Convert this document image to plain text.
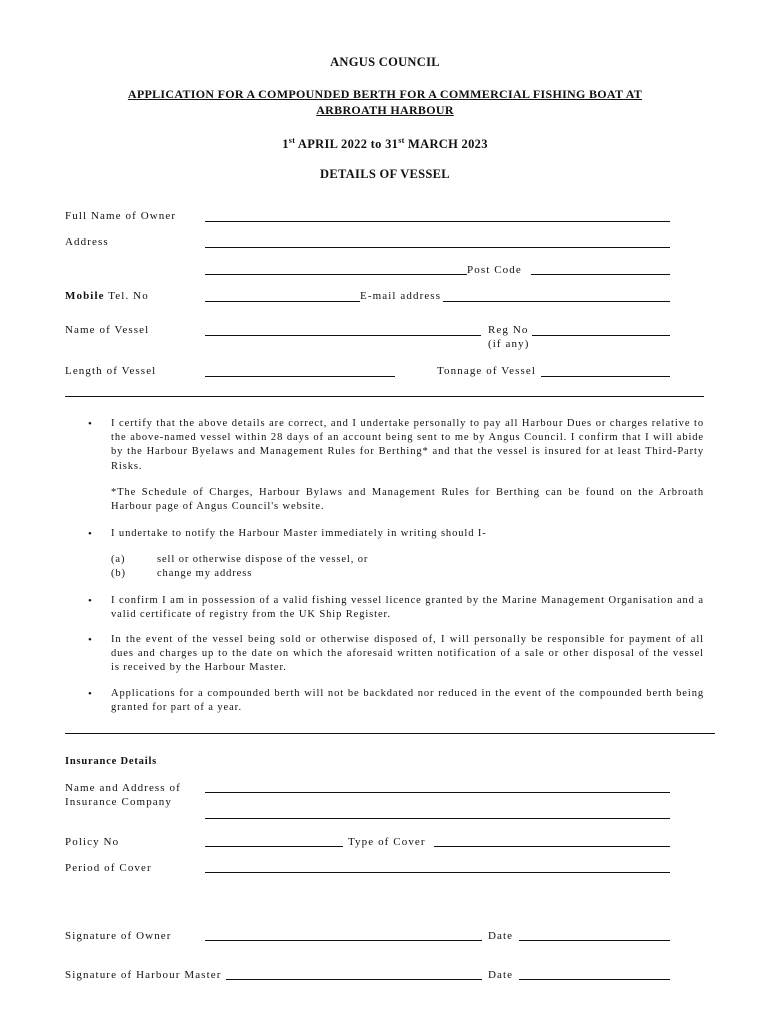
ANGUS COUNCIL
APPLICATION FOR A COMPOUNDED BERTH FOR A COMMERCIAL FISHING BOAT AT
ARBROATH HARBOUR
1st APRIL 2022 to 31st MARCH 2023
DETAILS OF VESSEL
Full Name of Owner
Address
Post Code
Mobile Tel. No	E-mail address
Name of Vessel	Reg No
(if any)
Length of Vessel	Tonnage of Vessel
• I certify that the above details are correct, and I undertake personally to pay all Harbour Dues or charges relative to the above-named vessel within 28 days of an account being sent to me by Angus Council. I confirm that I will abide by the Harbour Byelaws and Management Rules for Berthing* and that the vessel is insured for at least Third-Party Risks.
*The Schedule of Charges, Harbour Bylaws and Management Rules for Berthing can be found on the Arbroath Harbour page of Angus Council's website.
• I undertake to notify the Harbour Master immediately in writing should I-
(a)	sell or otherwise dispose of the vessel, or
(b)	change my address
• I confirm I am in possession of a valid fishing vessel licence granted by the Marine Management Organisation and a valid certificate of registry from the UK Ship Register.
• In the event of the vessel being sold or otherwise disposed of, I will personally be responsible for payment of all dues and charges up to the date on which the aforesaid written notification of a sale or other disposal of the vessel is received by the Harbour Master.
• Applications for a compounded berth will not be backdated nor reduced in the event of the compounded berth being granted for part of a year.
Insurance Details
Name and Address of
Insurance Company
Policy No	Type of Cover
Period of Cover
Signature of Owner	Date
Signature of Harbour Master	Date
